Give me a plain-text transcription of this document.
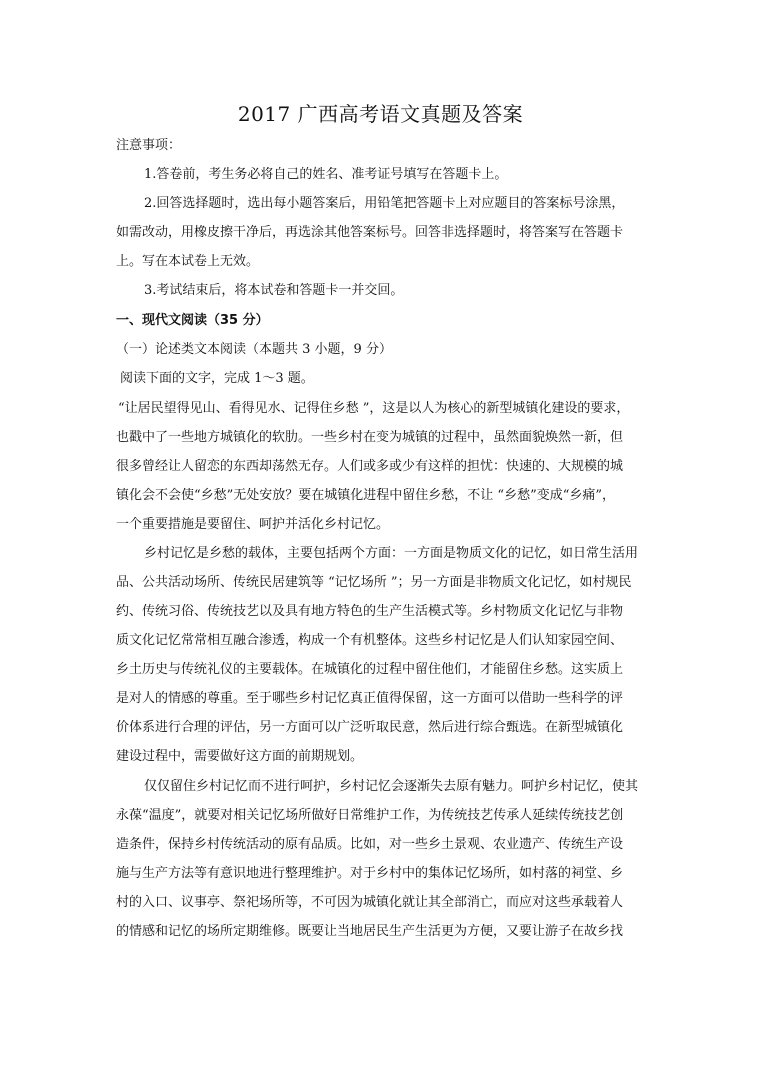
2017 广西高考语文真题及答案
注意事项：
1.答卷前，考生务必将自己的姓名、准考证号填写在答题卡上。
2.回答选择题时，选出每小题答案后，用铅笔把答题卡上对应题目的答案标号涂黑，
如需改动，用橡皮擦干净后，再选涂其他答案标号。回答非选择题时，将答案写在答题卡
上。写在本试卷上无效。
3.考试结束后，将本试卷和答题卡一并交回。
一、现代文阅读（35 分）
（一）论述类文本阅读（本题共 3 小题，9 分）
阅读下面的文字，完成 1～3 题。
“让居民望得见山、看得见水、记得住乡愁 ”，这是以人为核心的新型城镇化建设的要求，
也戳中了一些地方城镇化的软肋。一些乡村在变为城镇的过程中，虽然面貌焕然一新，但
很多曾经让人留恋的东西却荡然无存。人们或多或少有这样的担忧：快速的、大规模的城
镇化会不会使“乡愁”无处安放？要在城镇化进程中留住乡愁，不让 “乡愁”变成“乡痛”，
一个重要措施是要留住、呵护并活化乡村记忆。
乡村记忆是乡愁的载体，主要包括两个方面：一方面是物质文化的记忆，如日常生活用
品、公共活动场所、传统民居建筑等 “记忆场所 ”；另一方面是非物质文化记忆，如村规民
约、传统习俗、传统技艺以及具有地方特色的生产生活模式等。乡村物质文化记忆与非物
质文化记忆常常相互融合渗透，构成一个有机整体。这些乡村记忆是人们认知家园空间、
乡土历史与传统礼仪的主要载体。在城镇化的过程中留住他们，才能留住乡愁。这实质上
是对人的情感的尊重。至于哪些乡村记忆真正值得保留，这一方面可以借助一些科学的评
价体系进行合理的评估，另一方面可以广泛听取民意，然后进行综合甄选。在新型城镇化
建设过程中，需要做好这方面的前期规划。
仅仅留住乡村记忆而不进行呵护，乡村记忆会逐渐失去原有魅力。呵护乡村记忆，使其
永葆“温度”，就要对相关记忆场所做好日常维护工作，为传统技艺传承人延续传统技艺创
造条件，保持乡村传统活动的原有品质。比如，对一些乡土景观、农业遗产、传统生产设
施与生产方法等有意识地进行整理维护。对于乡村中的集体记忆场所，如村落的祠堂、乡
村的入口、议事亭、祭祀场所等，不可因为城镇化就让其全部消亡，而应对这些承载着人
的情感和记忆的场所定期维修。既要让当地居民生产生活更为方便，又要让游子在故乡找
